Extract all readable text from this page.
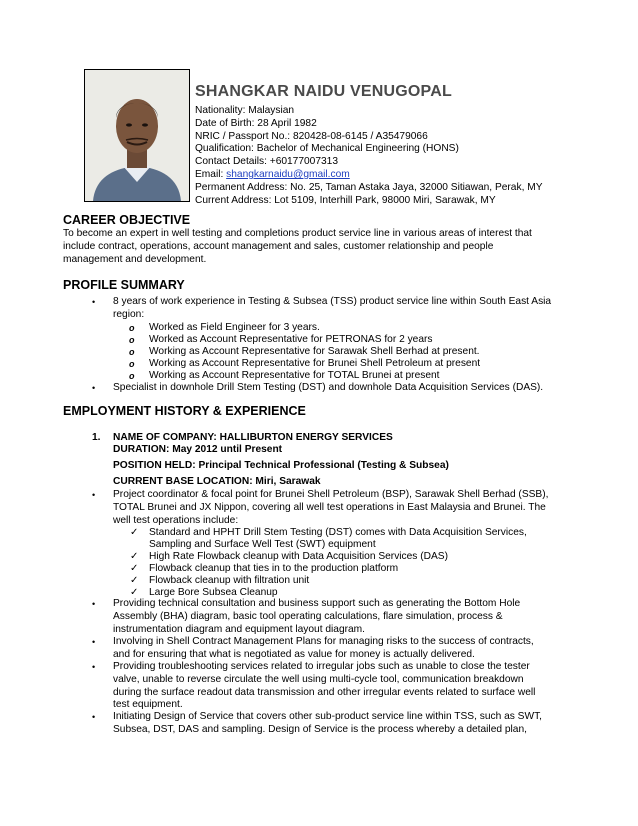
SHANGKAR NAIDU VENUGOPAL
Nationality: Malaysian
Date of Birth: 28 April 1982
NRIC / Passport No.: 820428-08-6145 / A35479066
Qualification: Bachelor of Mechanical Engineering (HONS)
Contact Details: +60177007313
Email: shangkarnaidu@gmail.com
Permanent Address: No. 25, Taman Astaka Jaya, 32000 Sitiawan, Perak, MY
Current Address: Lot 5109, Interhill Park, 98000 Miri, Sarawak, MY
CAREER OBJECTIVE
To become an expert in well testing and completions product service line in various areas of interest that
include contract, operations, account management and sales, customer relationship and people
management and development.
PROFILE SUMMARY
• 8 years of work experience in Testing & Subsea (TSS) product service line within South East Asia
region:
o Worked as Field Engineer for 3 years.
o Worked as Account Representative for PETRONAS for 2 years
o Working as Account Representative for Sarawak Shell Berhad at present.
o Working as Account Representative for Brunei Shell Petroleum at present
o Working as Account Representative for TOTAL Brunei at present
• Specialist in downhole Drill Stem Testing (DST) and downhole Data Acquisition Services (DAS).
EMPLOYMENT HISTORY & EXPERIENCE
1. NAME OF COMPANY: HALLIBURTON ENERGY SERVICES
DURATION: May 2012 until Present
POSITION HELD: Principal Technical Professional (Testing & Subsea)
CURRENT BASE LOCATION: Miri, Sarawak
• Project coordinator & focal point for Brunei Shell Petroleum (BSP), Sarawak Shell Berhad (SSB),
TOTAL Brunei and JX Nippon, covering all well test operations in East Malaysia and Brunei. The
well test operations include:
✓ Standard and HPHT Drill Stem Testing (DST) comes with Data Acquisition Services,
Sampling and Surface Well Test (SWT) equipment
✓ High Rate Flowback cleanup with Data Acquisition Services (DAS)
✓ Flowback cleanup that ties in to the production platform
✓ Flowback cleanup with filtration unit
✓ Large Bore Subsea Cleanup
• Providing technical consultation and business support such as generating the Bottom Hole
Assembly (BHA) diagram, basic tool operating calculations, flare simulation, process &
instrumentation diagram and equipment layout diagram.
• Involving in Shell Contract Management Plans for managing risks to the success of contracts,
and for ensuring that what is negotiated as value for money is actually delivered.
• Providing troubleshooting services related to irregular jobs such as unable to close the tester
valve, unable to reverse circulate the well using multi-cycle tool, communication breakdown
during the surface readout data transmission and other irregular events related to surface well
test equipment.
• Initiating Design of Service that covers other sub-product service line within TSS, such as SWT,
Subsea, DST, DAS and sampling. Design of Service is the process whereby a detailed plan,
